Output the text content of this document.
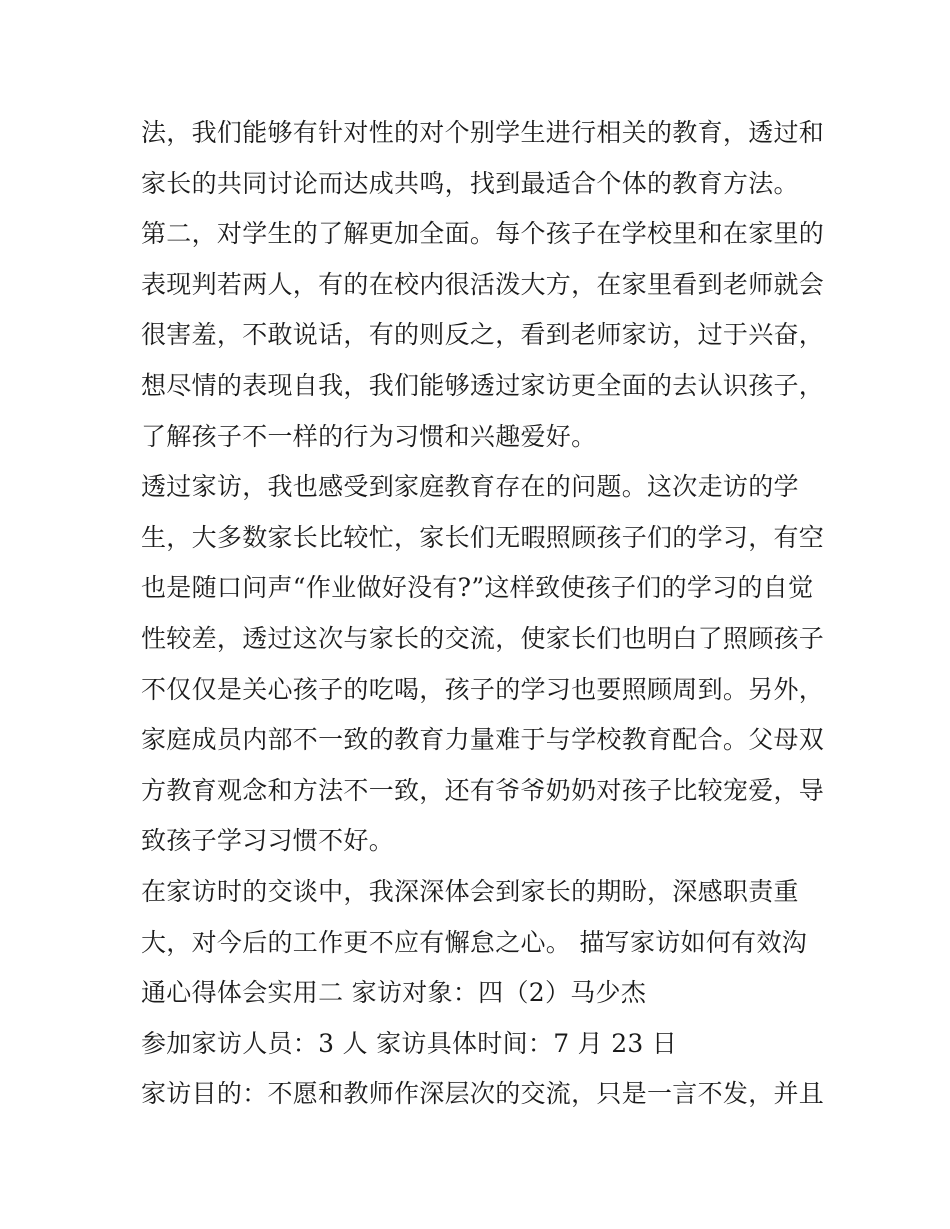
法，我们能够有针对性的对个别学生进行相关的教育，透过和
家长的共同讨论而达成共鸣，找到最适合个体的教育方法。
第二，对学生的了解更加全面。每个孩子在学校里和在家里的
表现判若两人，有的在校内很活泼大方，在家里看到老师就会
很害羞，不敢说话，有的则反之，看到老师家访，过于兴奋，
想尽情的表现自我，我们能够透过家访更全面的去认识孩子，
了解孩子不一样的行为习惯和兴趣爱好。
透过家访，我也感受到家庭教育存在的问题。这次走访的学
生，大多数家长比较忙，家长们无暇照顾孩子们的学习，有空
也是随口问声“作业做好没有?”这样致使孩子们的学习的自觉
性较差，透过这次与家长的交流，使家长们也明白了照顾孩子
不仅仅是关心孩子的吃喝，孩子的学习也要照顾周到。另外，
家庭成员内部不一致的教育力量难于与学校教育配合。父母双
方教育观念和方法不一致，还有爷爷奶奶对孩子比较宠爱，导
致孩子学习习惯不好。
在家访时的交谈中，我深深体会到家长的期盼，深感职责重
大，对今后的工作更不应有懈怠之心。 描写家访如何有效沟
通心得体会实用二 家访对象：四（2）马少杰
参加家访人员：3 人 家访具体时间：7 月 23 日
家访目的：不愿和教师作深层次的交流，只是一言不发，并且
